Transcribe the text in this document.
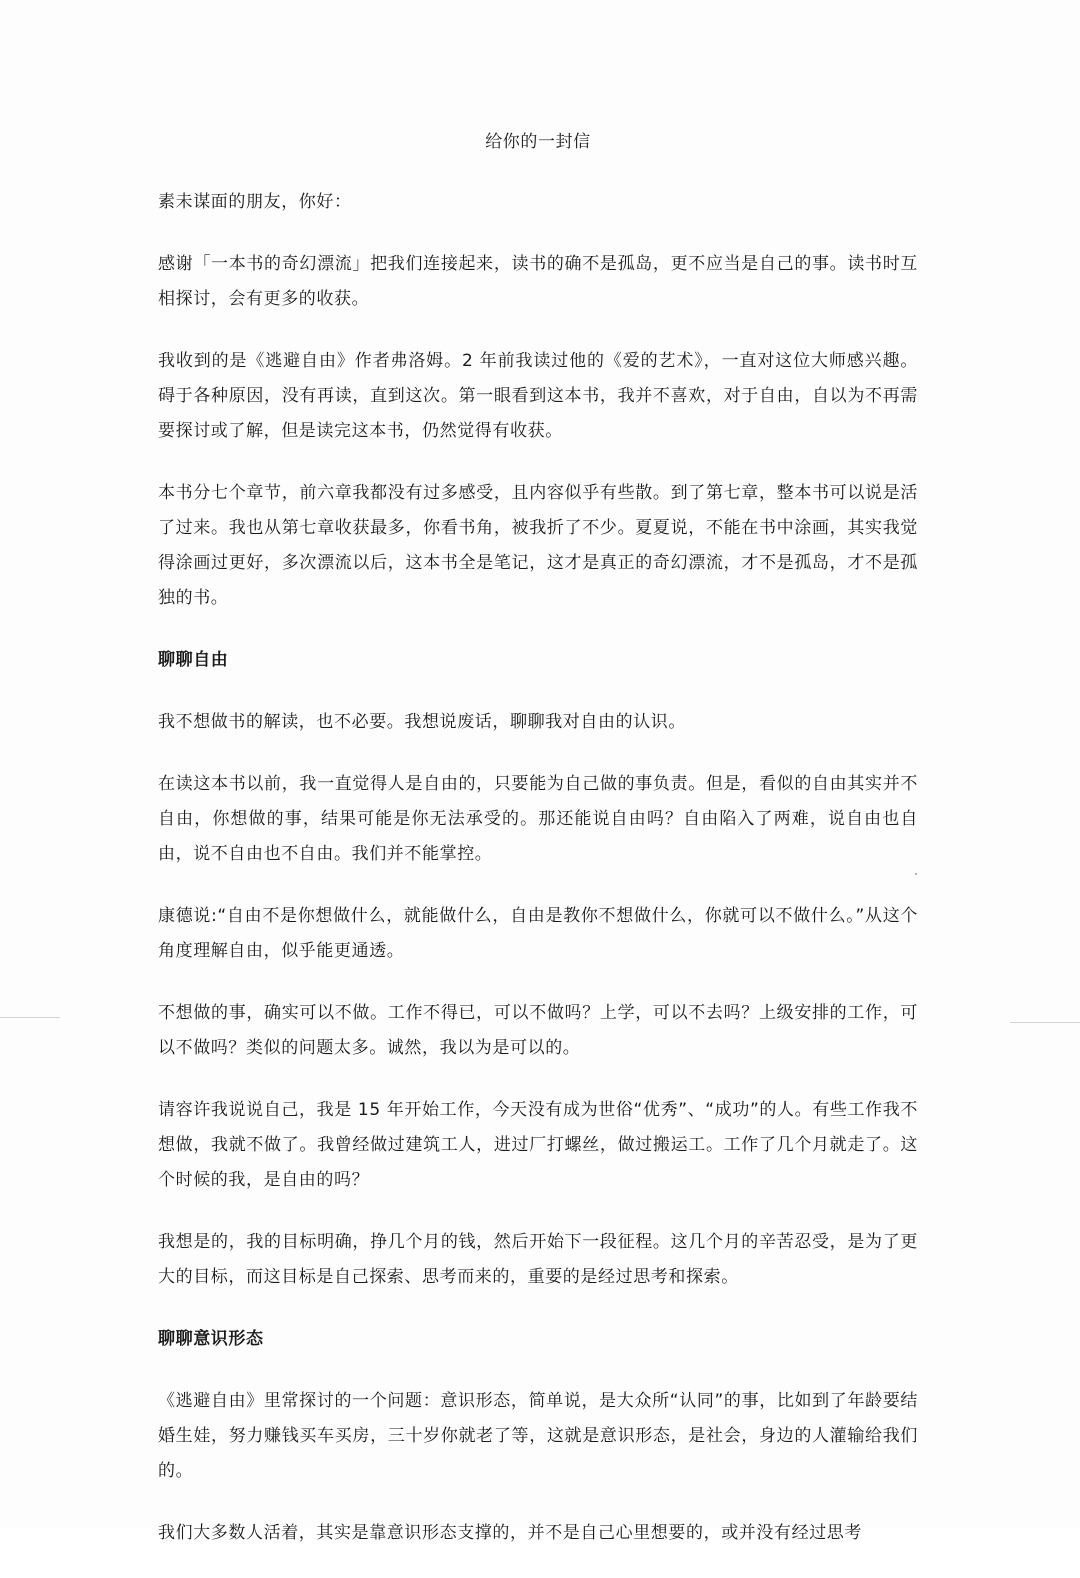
给你的一封信

素未谋面的朋友，你好：

感谢「一本书的奇幻漂流」把我们连接起来，读书的确不是孤岛，更不应当是自己的事。读书时互相探讨，会有更多的收获。

我收到的是《逃避自由》作者弗洛姆。2 年前我读过他的《爱的艺术》，一直对这位大师感兴趣。碍于各种原因，没有再读，直到这次。第一眼看到这本书，我并不喜欢，对于自由，自以为不再需要探讨或了解，但是读完这本书，仍然觉得有收获。

本书分七个章节，前六章我都没有过多感受，且内容似乎有些散。到了第七章，整本书可以说是活了过来。我也从第七章收获最多，你看书角，被我折了不少。夏夏说，不能在书中涂画，其实我觉得涂画过更好，多次漂流以后，这本书全是笔记，这才是真正的奇幻漂流，才不是孤岛，才不是孤独的书。

聊聊自由

我不想做书的解读，也不必要。我想说废话，聊聊我对自由的认识。

在读这本书以前，我一直觉得人是自由的，只要能为自己做的事负责。但是，看似的自由其实并不自由，你想做的事，结果可能是你无法承受的。那还能说自由吗？自由陷入了两难，说自由也自由，说不自由也不自由。我们并不能掌控。

康德说:“自由不是你想做什么，就能做什么，自由是教你不想做什么，你就可以不做什么。”从这个角度理解自由，似乎能更通透。

不想做的事，确实可以不做。工作不得已，可以不做吗？上学，可以不去吗？上级安排的工作，可以不做吗？类似的问题太多。诚然，我以为是可以的。

请容许我说说自己，我是 15 年开始工作，今天没有成为世俗“优秀”、“成功”的人。有些工作我不想做，我就不做了。我曾经做过建筑工人，进过厂打螺丝，做过搬运工。工作了几个月就走了。这个时候的我，是自由的吗？

我想是的，我的目标明确，挣几个月的钱，然后开始下一段征程。这几个月的辛苦忍受，是为了更大的目标，而这目标是自己探索、思考而来的，重要的是经过思考和探索。

聊聊意识形态

《逃避自由》里常探讨的一个问题：意识形态，简单说，是大众所“认同”的事，比如到了年龄要结婚生娃，努力赚钱买车买房，三十岁你就老了等，这就是意识形态，是社会，身边的人灌输给我们的。

我们大多数人活着，其实是靠意识形态支撑的，并不是自己心里想要的，或并没有经过思考
